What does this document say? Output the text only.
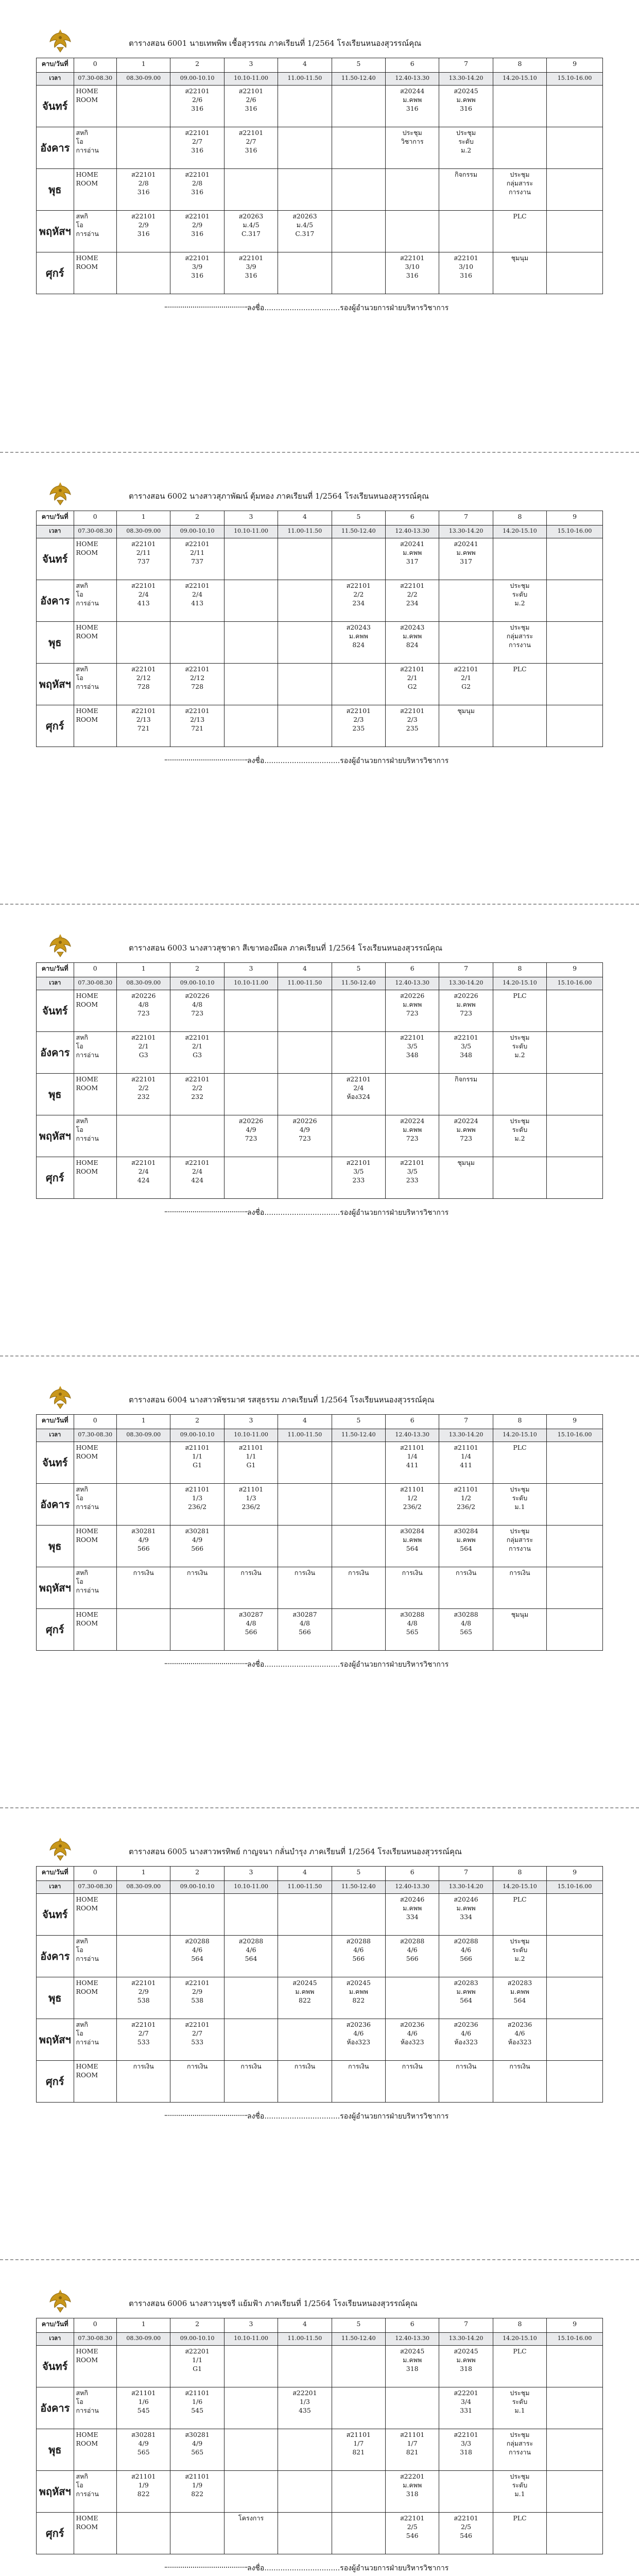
ตารางสอน 6001 นายเทพพิพ เชื้อสุวรรณ ภาคเรียนที่ 1/2564 โรงเรียนหนองสุวรรณ์คุณ
คาบ/วันที่	0	1	2	3	4	5	6	7	8	9
เวลา	07.30-08.30	08.30-09.00	09.00-10.10	10.10-11.00	11.00-11.50	11.50-12.40	12.40-13.30	13.30-14.20	14.20-15.10	15.10-16.00
จันทร์	HOME
ROOM		ส22101
2/6
316	ส22101
2/6
316			ส20244
ม.คพพ
316	ส20245
ม.คพพ
316		
อังคาร	สหกิ
โอ
การอ่าน		ส22101
2/7
316	ส22101
2/7
316			ประชุม
วิชาการ	ประชุม
ระดับ
ม.2		
พุธ	HOME
ROOM	ส22101
2/8
316	ส22101
2/8
316					กิจกรรม	ประชุม
กลุ่มสาระ
การงาน	
พฤหัสฯ	สหกิ
โอ
การอ่าน	ส22101
2/9
316	ส22101
2/9
316	ส20263
ม.4/5
C.317	ส20263
ม.4/5
C.317				PLC	
ศุกร์	HOME
ROOM		ส22101
3/9
316	ส22101
3/9
316			ส22101
3/10
316	ส22101
3/10
316	ชุมนุม	
ลงชื่อ.................................รองผู้อำนวยการฝ่ายบริหารวิชาการ
ตารางสอน 6002 นางสาวสุภาพัฒน์ ตุ้มทอง ภาคเรียนที่ 1/2564 โรงเรียนหนองสุวรรณ์คุณ
คาบ/วันที่	0	1	2	3	4	5	6	7	8	9
เวลา	07.30-08.30	08.30-09.00	09.00-10.10	10.10-11.00	11.00-11.50	11.50-12.40	12.40-13.30	13.30-14.20	14.20-15.10	15.10-16.00
จันทร์	HOME
ROOM	ส22101
2/11
737	ส22101
2/11
737				ส20241
ม.คพพ
317	ส20241
ม.คพพ
317		
อังคาร	สหกิ
โอ
การอ่าน	ส22101
2/4
413	ส22101
2/4
413			ส22101
2/2
234	ส22101
2/2
234		ประชุม
ระดับ
ม.2	
พุธ	HOME
ROOM					ส20243
ม.คพพ
824	ส20243
ม.คพพ
824		ประชุม
กลุ่มสาระ
การงาน	
พฤหัสฯ	สหกิ
โอ
การอ่าน	ส22101
2/12
728	ส22101
2/12
728				ส22101
2/1
G2	ส22101
2/1
G2	PLC	
ศุกร์	HOME
ROOM	ส22101
2/13
721	ส22101
2/13
721			ส22101
2/3
235	ส22101
2/3
235	ชุมนุม		
ลงชื่อ.................................รองผู้อำนวยการฝ่ายบริหารวิชาการ
ตารางสอน 6003 นางสาวสุชาดา สีเขาทองมีผล ภาคเรียนที่ 1/2564 โรงเรียนหนองสุวรรณ์คุณ
คาบ/วันที่	0	1	2	3	4	5	6	7	8	9
เวลา	07.30-08.30	08.30-09.00	09.00-10.10	10.10-11.00	11.00-11.50	11.50-12.40	12.40-13.30	13.30-14.20	14.20-15.10	15.10-16.00
จันทร์	HOME
ROOM	ส20226
4/8
723	ส20226
4/8
723				ส20226
ม.คพพ
723	ส20226
ม.คพพ
723	PLC	
อังคาร	สหกิ
โอ
การอ่าน	ส22101
2/1
G3	ส22101
2/1
G3				ส22101
3/5
348	ส22101
3/5
348	ประชุม
ระดับ
ม.2	
พุธ	HOME
ROOM	ส22101
2/2
232	ส22101
2/2
232			ส22101
2/4
ห้อง324		กิจกรรม		
พฤหัสฯ	สหกิ
โอ
การอ่าน			ส20226
4/9
723	ส20226
4/9
723		ส20224
ม.คพพ
723	ส20224
ม.คพพ
723	ประชุม
ระดับ
ม.2	
ศุกร์	HOME
ROOM	ส22101
2/4
424	ส22101
2/4
424			ส22101
3/5
233	ส22101
3/5
233	ชุมนุม		
ลงชื่อ.................................รองผู้อำนวยการฝ่ายบริหารวิชาการ
ตารางสอน 6004 นางสาวพัชรมาศ รสสุธรรม ภาคเรียนที่ 1/2564 โรงเรียนหนองสุวรรณ์คุณ
คาบ/วันที่	0	1	2	3	4	5	6	7	8	9
เวลา	07.30-08.30	08.30-09.00	09.00-10.10	10.10-11.00	11.00-11.50	11.50-12.40	12.40-13.30	13.30-14.20	14.20-15.10	15.10-16.00
จันทร์	HOME
ROOM		ส21101
1/1
G1	ส21101
1/1
G1			ส21101
1/4
411	ส21101
1/4
411	PLC	
อังคาร	สหกิ
โอ
การอ่าน		ส21101
1/3
236/2	ส21101
1/3
236/2			ส21101
1/2
236/2	ส21101
1/2
236/2	ประชุม
ระดับ
ม.1	
พุธ	HOME
ROOM	ส30281
4/9
566	ส30281
4/9
566				ส30284
ม.คพพ
564	ส30284
ม.คพพ
564	ประชุม
กลุ่มสาระ
การงาน	
พฤหัสฯ	สหกิ
โอ
การอ่าน	การเงิน	การเงิน	การเงิน	การเงิน	การเงิน	การเงิน	การเงิน	การเงิน	
ศุกร์	HOME
ROOM			ส30287
4/8
566	ส30287
4/8
566		ส30288
4/8
565	ส30288
4/8
565	ชุมนุม	
ลงชื่อ.................................รองผู้อำนวยการฝ่ายบริหารวิชาการ
ตารางสอน 6005 นางสาวพรทิพย์ กาญจนา กลั่นบำรุง ภาคเรียนที่ 1/2564 โรงเรียนหนองสุวรรณ์คุณ
คาบ/วันที่	0	1	2	3	4	5	6	7	8	9
เวลา	07.30-08.30	08.30-09.00	09.00-10.10	10.10-11.00	11.00-11.50	11.50-12.40	12.40-13.30	13.30-14.20	14.20-15.10	15.10-16.00
จันทร์	HOME
ROOM						ส20246
ม.คพพ
334	ส20246
ม.คพพ
334	PLC	
อังคาร	สหกิ
โอ
การอ่าน		ส20288
4/6
564	ส20288
4/6
564		ส20288
4/6
566	ส20288
4/6
566	ส20288
4/6
566	ประชุม
ระดับ
ม.2	
พุธ	HOME
ROOM	ส22101
2/9
538	ส22101
2/9
538		ส20245
ม.คพพ
822	ส20245
ม.คพพ
822		ส20283
ม.คพพ
564	ส20283
ม.คพพ
564	
พฤหัสฯ	สหกิ
โอ
การอ่าน	ส22101
2/7
533	ส22101
2/7
533			ส20236
4/6
ห้อง323	ส20236
4/6
ห้อง323	ส20236
4/6
ห้อง323	ส20236
4/6
ห้อง323	
ศุกร์	HOME
ROOM	การเงิน	การเงิน	การเงิน	การเงิน	การเงิน	การเงิน	การเงิน	การเงิน	
ลงชื่อ.................................รองผู้อำนวยการฝ่ายบริหารวิชาการ
ตารางสอน 6006 นางสาวนุชจรี แย้มฟ้า ภาคเรียนที่ 1/2564 โรงเรียนหนองสุวรรณ์คุณ
คาบ/วันที่	0	1	2	3	4	5	6	7	8	9
เวลา	07.30-08.30	08.30-09.00	09.00-10.10	10.10-11.00	11.00-11.50	11.50-12.40	12.40-13.30	13.30-14.20	14.20-15.10	15.10-16.00
จันทร์	HOME
ROOM		ส22201
1/1
G1				ส20245
ม.คพพ
318	ส20245
ม.คพพ
318	PLC	
อังคาร	สหกิ
โอ
การอ่าน	ส21101
1/6
545	ส21101
1/6
545		ส22201
1/3
435			ส22201
3/4
331	ประชุม
ระดับ
ม.1	
พุธ	HOME
ROOM	ส30281
4/9
565	ส30281
4/9
565			ส21101
1/7
821	ส21101
1/7
821	ส22101
3/3
318	ประชุม
กลุ่มสาระ
การงาน	
พฤหัสฯ	สหกิ
โอ
การอ่าน	ส21101
1/9
822	ส21101
1/9
822				ส22201
ม.คพพ
318		ประชุม
ระดับ
ม.1	
ศุกร์	HOME
ROOM			โครงการ			ส22101
2/5
546	ส22101
2/5
546	PLC	
ลงชื่อ.................................รองผู้อำนวยการฝ่ายบริหารวิชาการ
